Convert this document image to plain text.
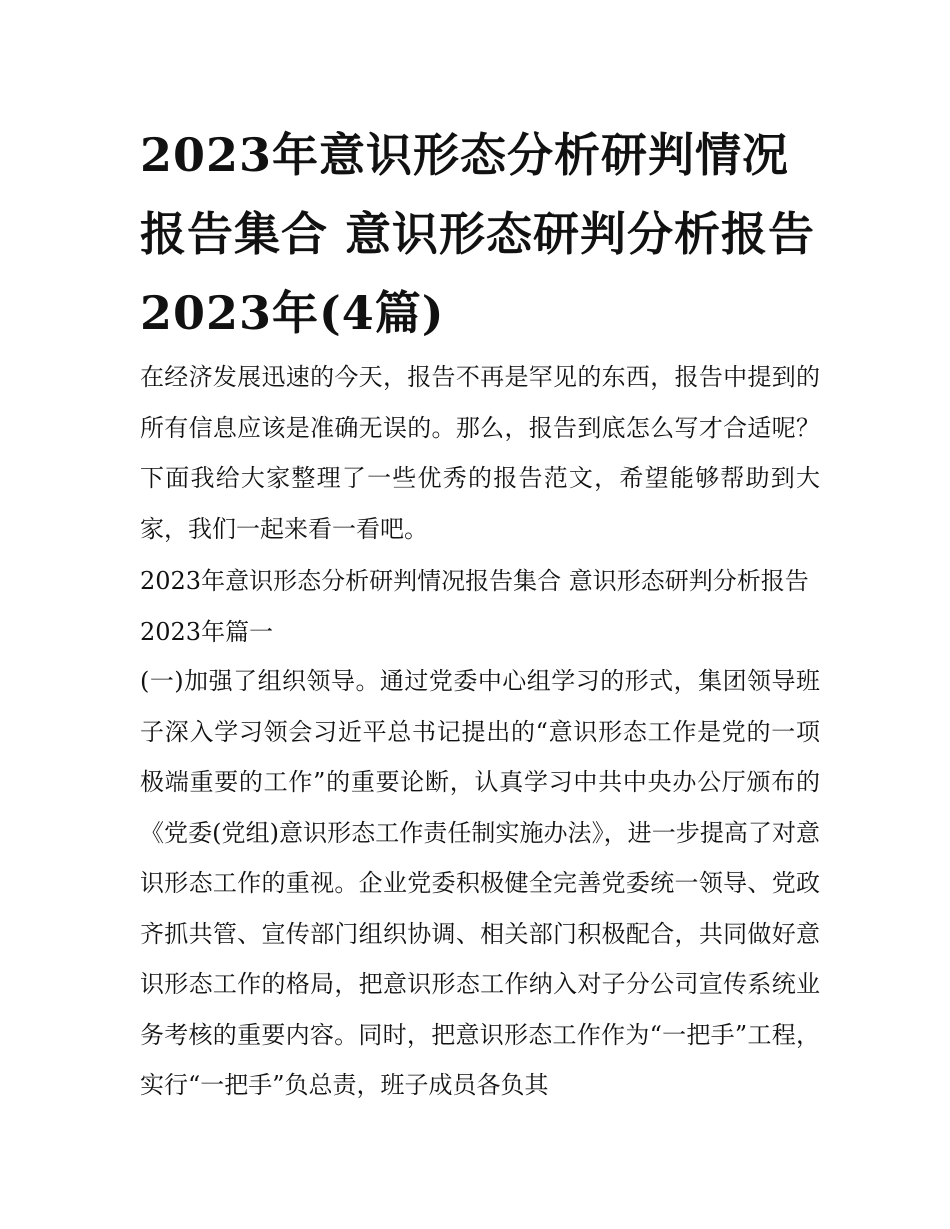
2023年意识形态分析研判情况报告集合 意识形态研判分析报告2023年(4篇)

在经济发展迅速的今天，报告不再是罕见的东西，报告中提到的所有信息应该是准确无误的。那么，报告到底怎么写才合适呢？下面我给大家整理了一些优秀的报告范文，希望能够帮助到大家，我们一起来看一看吧。

2023年意识形态分析研判情况报告集合 意识形态研判分析报告2023年篇一

(一)加强了组织领导。通过党委中心组学习的形式，集团领导班子深入学习领会习近平总书记提出的“意识形态工作是党的一项极端重要的工作”的重要论断，认真学习中共中央办公厅颁布的《党委(党组)意识形态工作责任制实施办法》，进一步提高了对意识形态工作的重视。企业党委积极健全完善党委统一领导、党政齐抓共管、宣传部门组织协调、相关部门积极配合，共同做好意识形态工作的格局，把意识形态工作纳入对子分公司宣传系统业务考核的重要内容。同时，把意识形态工作作为“一把手”工程，实行“一把手”负总责，班子成员各负其
